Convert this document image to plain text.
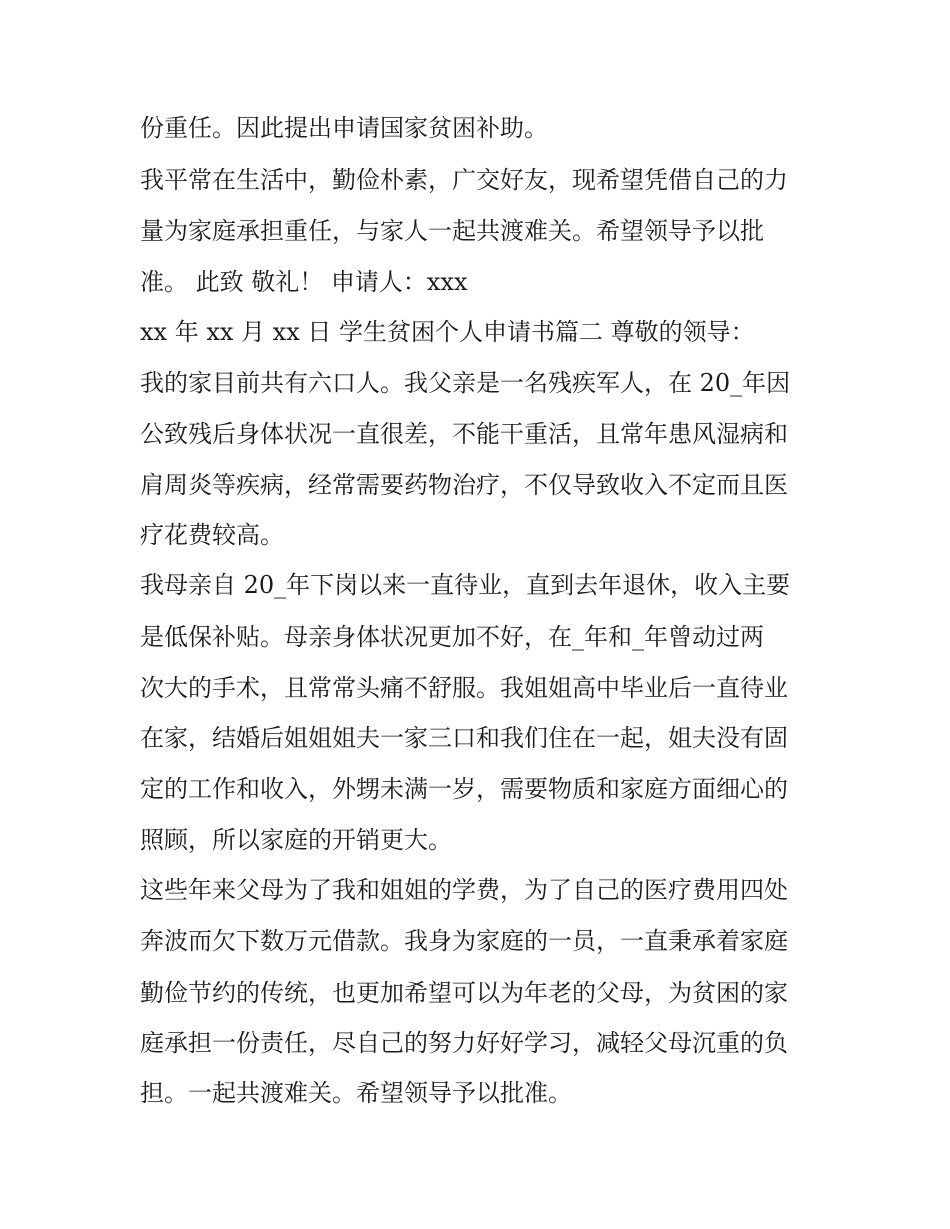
份重任。因此提出申请国家贫困补助。
我平常在生活中，勤俭朴素，广交好友，现希望凭借自己的力
量为家庭承担重任，与家人一起共渡难关。希望领导予以批
准。 此致 敬礼！ 申请人：xxx
xx 年 xx 月 xx 日 学生贫困个人申请书篇二 尊敬的领导：
我的家目前共有六口人。我父亲是一名残疾军人，在 20_年因
公致残后身体状况一直很差，不能干重活，且常年患风湿病和
肩周炎等疾病，经常需要药物治疗，不仅导致收入不定而且医
疗花费较高。
我母亲自 20_年下岗以来一直待业，直到去年退休，收入主要
是低保补贴。母亲身体状况更加不好，在_年和_年曾动过两
次大的手术，且常常头痛不舒服。我姐姐高中毕业后一直待业
在家，结婚后姐姐姐夫一家三口和我们住在一起，姐夫没有固
定的工作和收入，外甥未满一岁，需要物质和家庭方面细心的
照顾，所以家庭的开销更大。
这些年来父母为了我和姐姐的学费，为了自己的医疗费用四处
奔波而欠下数万元借款。我身为家庭的一员，一直秉承着家庭
勤俭节约的传统，也更加希望可以为年老的父母，为贫困的家
庭承担一份责任，尽自己的努力好好学习，减轻父母沉重的负
担。一起共渡难关。希望领导予以批准。
